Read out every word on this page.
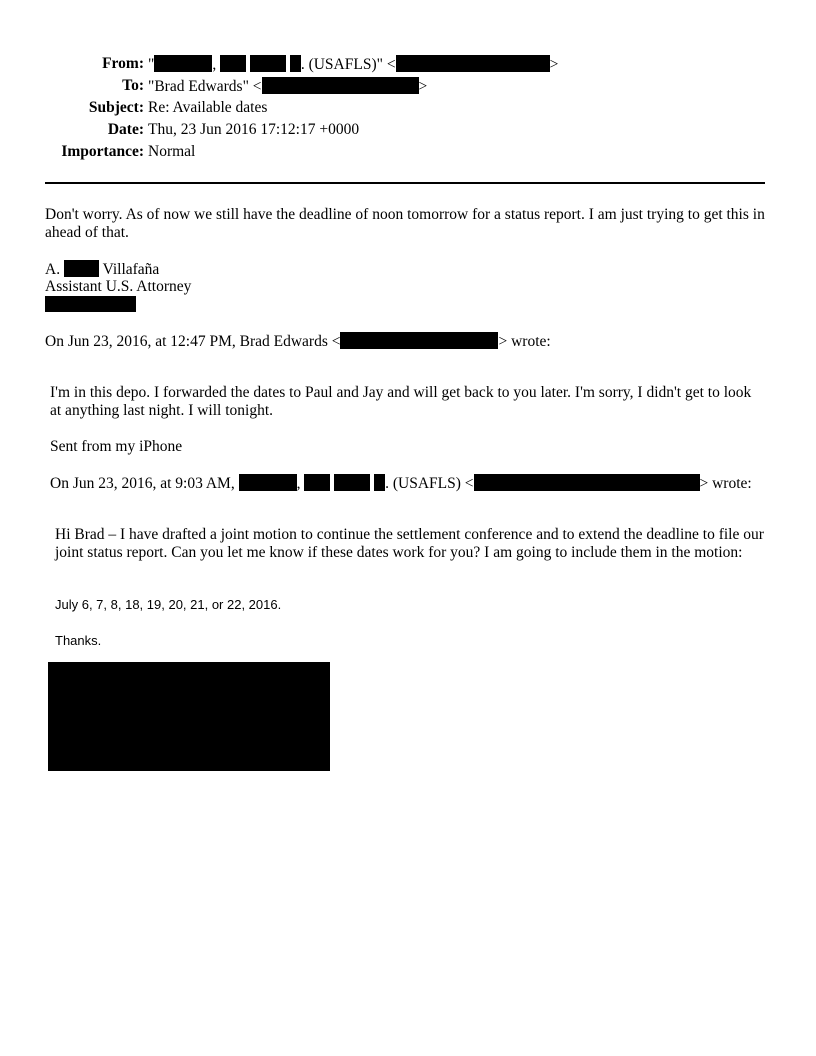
From: "	,	. (USAFLS)" <	>
To: "Brad Edwards" <	>
Subject: Re: Available dates
Date: Thu, 23 Jun 2016 17:12:17 +0000
Importance: Normal
Don't worry. As of now we still have the deadline of noon tomorrow for a status report. I am just trying to get this in ahead of that.
A.	Villafaña
Assistant U.S. Attorney
On Jun 23, 2016, at 12:47 PM, Brad Edwards <	> wrote:
I'm in this depo. I forwarded the dates to Paul and Jay and will get back to you later. I'm sorry, I didn't get to look at anything last night. I will tonight.
Sent from my iPhone
On Jun 23, 2016, at 9:03 AM,	,	. (USAFLS) <	> wrote:
Hi Brad – I have drafted a joint motion to continue the settlement conference and to extend the deadline to file our joint status report. Can you let me know if these dates work for you? I am going to include them in the motion:
July 6, 7, 8, 18, 19, 20, 21, or 22, 2016.
Thanks.
